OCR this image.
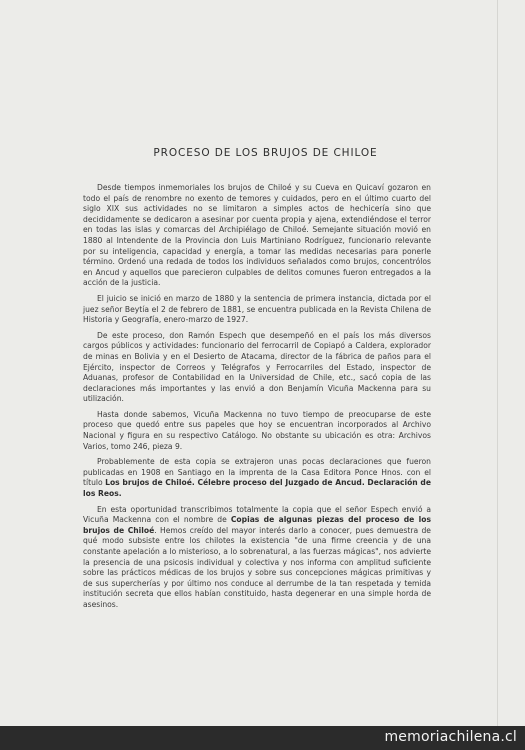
PROCESO DE LOS BRUJOS DE CHILOE

Desde tiempos inmemoriales los brujos de Chiloé y su Cueva en Quicaví gozaron en todo el país de renombre no exento de temores y cuidados, pero en el último cuarto del siglo XIX sus actividades no se limitaron a simples actos de hechicería sino que decididamente se dedicaron a asesinar por cuenta propia y ajena, extendiéndose el terror en todas las islas y comarcas del Archipiélago de Chiloé. Semejante situación movió en 1880 al Intendente de la Provincia don Luis Martiniano Rodríguez, funcionario relevante por su inteligencia, capacidad y energía, a tomar las medidas necesarias para ponerle término. Ordenó una redada de todos los individuos señalados como brujos, concentrólos en Ancud y aquellos que parecieron culpables de delitos comunes fueron entregados a la acción de la justicia.

El juicio se inició en marzo de 1880 y la sentencia de primera instancia, dictada por el juez señor Beytía el 2 de febrero de 1881, se encuentra publicada en la Revista Chilena de Historia y Geografía, enero-marzo de 1927.

De este proceso, don Ramón Espech que desempeñó en el país los más diversos cargos públicos y actividades: funcionario del ferrocarril de Copiapó a Caldera, explorador de minas en Bolivia y en el Desierto de Atacama, director de la fábrica de paños para el Ejército, inspector de Correos y Telégrafos y Ferrocarriles del Estado, inspector de Aduanas, profesor de Contabilidad en la Universidad de Chile, etc., sacó copia de las declaraciones más importantes y las envió a don Benjamín Vicuña Mackenna para su utilización.

Hasta donde sabemos, Vicuña Mackenna no tuvo tiempo de preocuparse de este proceso que quedó entre sus papeles que hoy se encuentran incorporados al Archivo Nacional y figura en su respectivo Catálogo. No obstante su ubicación es otra: Archivos Varios, tomo 246, pieza 9.

Probablemente de esta copia se extrajeron unas pocas declaraciones que fueron publicadas en 1908 en Santiago en la imprenta de la Casa Editora Ponce Hnos. con el título Los brujos de Chiloé. Célebre proceso del Juzgado de Ancud. Declaración de los Reos.

En esta oportunidad transcribimos totalmente la copia que el señor Espech envió a Vicuña Mackenna con el nombre de Copias de algunas piezas del proceso de los brujos de Chiloé. Hemos creído del mayor interés darlo a conocer, pues demuestra de qué modo subsiste entre los chilotes la existencia "de una firme creencia y de una constante apelación a lo misterioso, a lo sobrenatural, a las fuerzas mágicas", nos advierte la presencia de una psicosis individual y colectiva y nos informa con amplitud suficiente sobre las prácticos médicas de los brujos y sobre sus concepciones mágicas primitivas y de sus supercherías y por último nos conduce al derrumbe de la tan respetada y temida institución secreta que ellos habían constituido, hasta degenerar en una simple horda de asesinos.

memoriachilena.cl
